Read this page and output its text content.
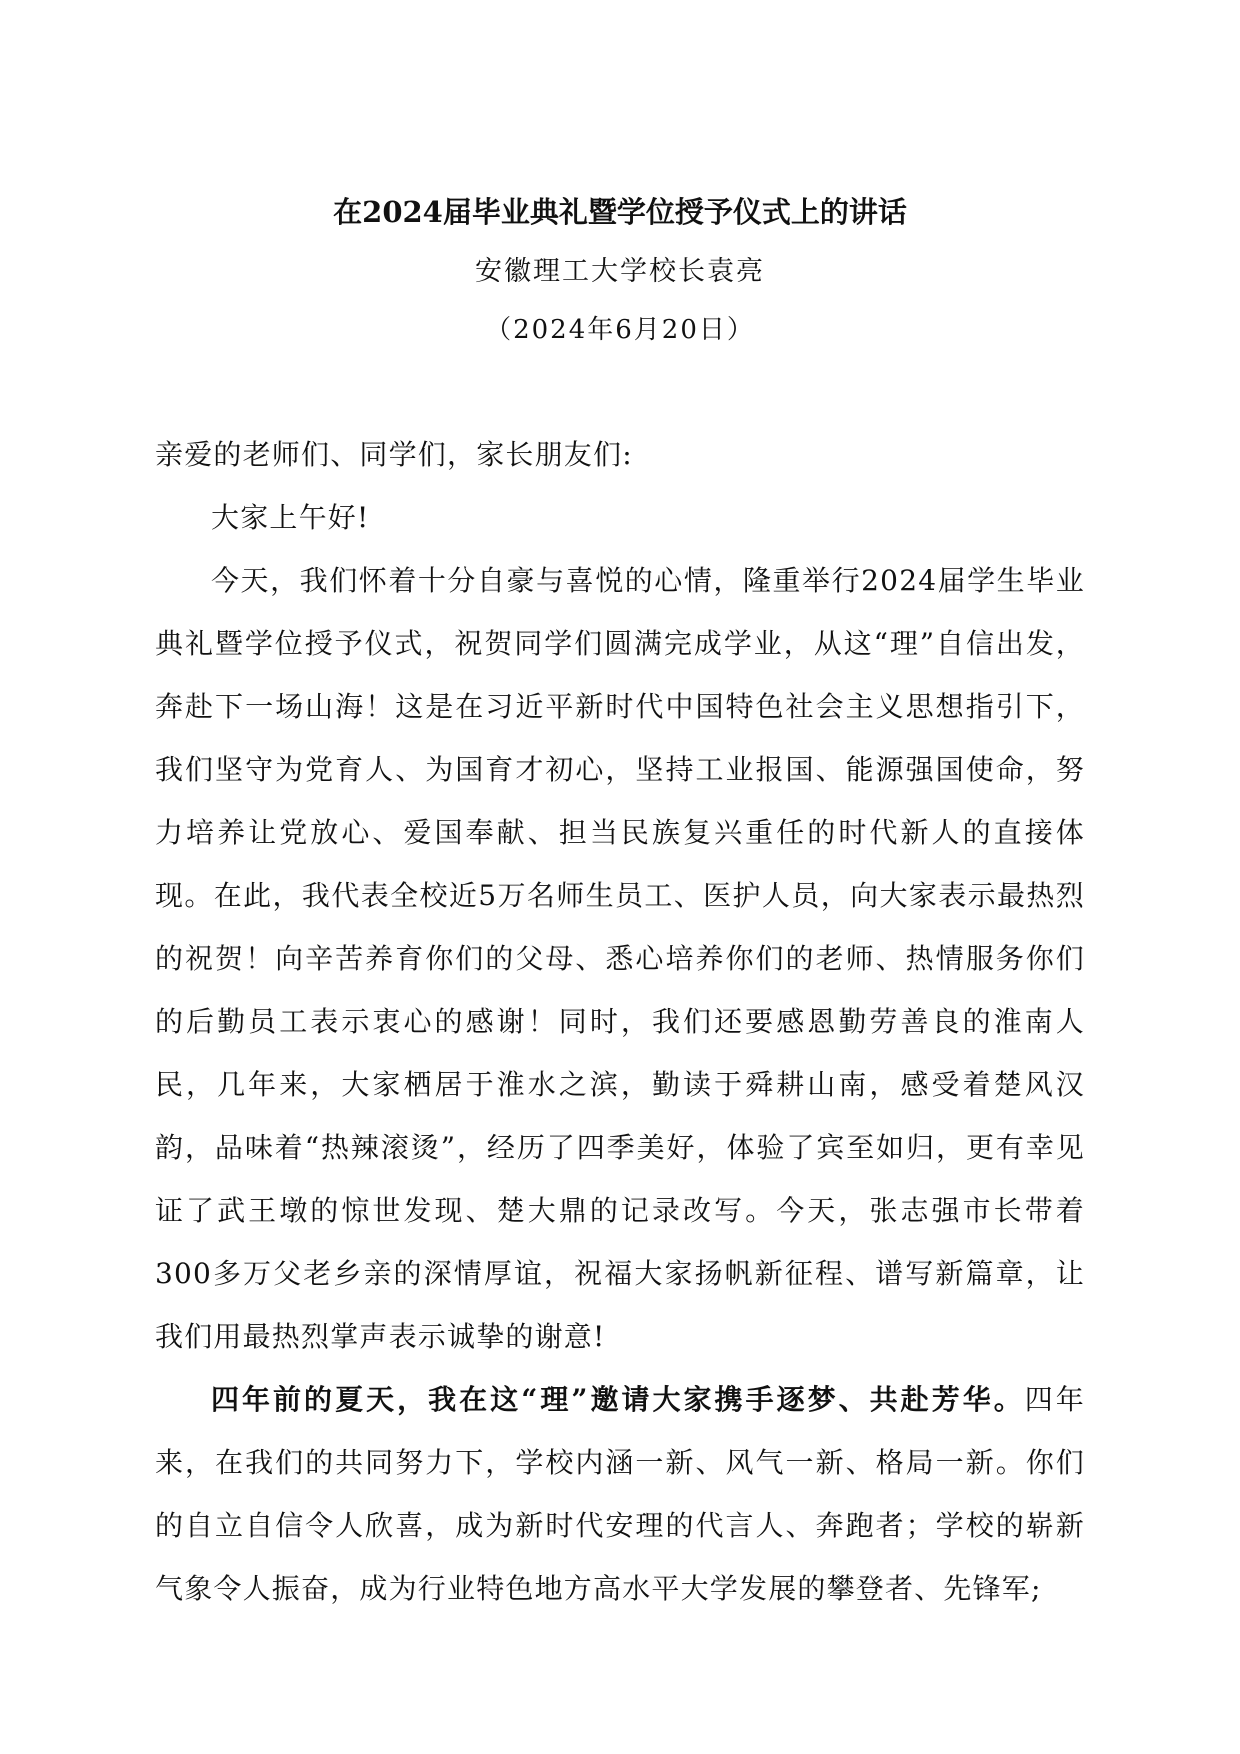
在2024届毕业典礼暨学位授予仪式上的讲话
安徽理工大学校长袁亮
（2024年6月20日）

亲爱的老师们、同学们，家长朋友们:

大家上午好!

今天，我们怀着十分自豪与喜悦的心情，隆重举行2024届学生毕业典礼暨学位授予仪式，祝贺同学们圆满完成学业，从这“理”自信出发，奔赴下一场山海！这是在习近平新时代中国特色社会主义思想指引下，我们坚守为党育人、为国育才初心，坚持工业报国、能源强国使命，努力培养让党放心、爱国奉献、担当民族复兴重任的时代新人的直接体现。在此，我代表全校近5万名师生员工、医护人员，向大家表示最热烈的祝贺！向辛苦养育你们的父母、悉心培养你们的老师、热情服务你们的后勤员工表示衷心的感谢！同时，我们还要感恩勤劳善良的淮南人民，几年来，大家栖居于淮水之滨，勤读于舜耕山南，感受着楚风汉韵，品味着“热辣滚烫”，经历了四季美好，体验了宾至如归，更有幸见证了武王墩的惊世发现、楚大鼎的记录改写。今天，张志强市长带着300多万父老乡亲的深情厚谊，祝福大家扬帆新征程、谱写新篇章，让我们用最热烈掌声表示诚挚的谢意!

四年前的夏天，我在这“理”邀请大家携手逐梦、共赴芳华。四年来，在我们的共同努力下，学校内涵一新、风气一新、格局一新。你们的自立自信令人欣喜，成为新时代安理的代言人、奔跑者；学校的崭新气象令人振奋，成为行业特色地方高水平大学发展的攀登者、先锋军;
